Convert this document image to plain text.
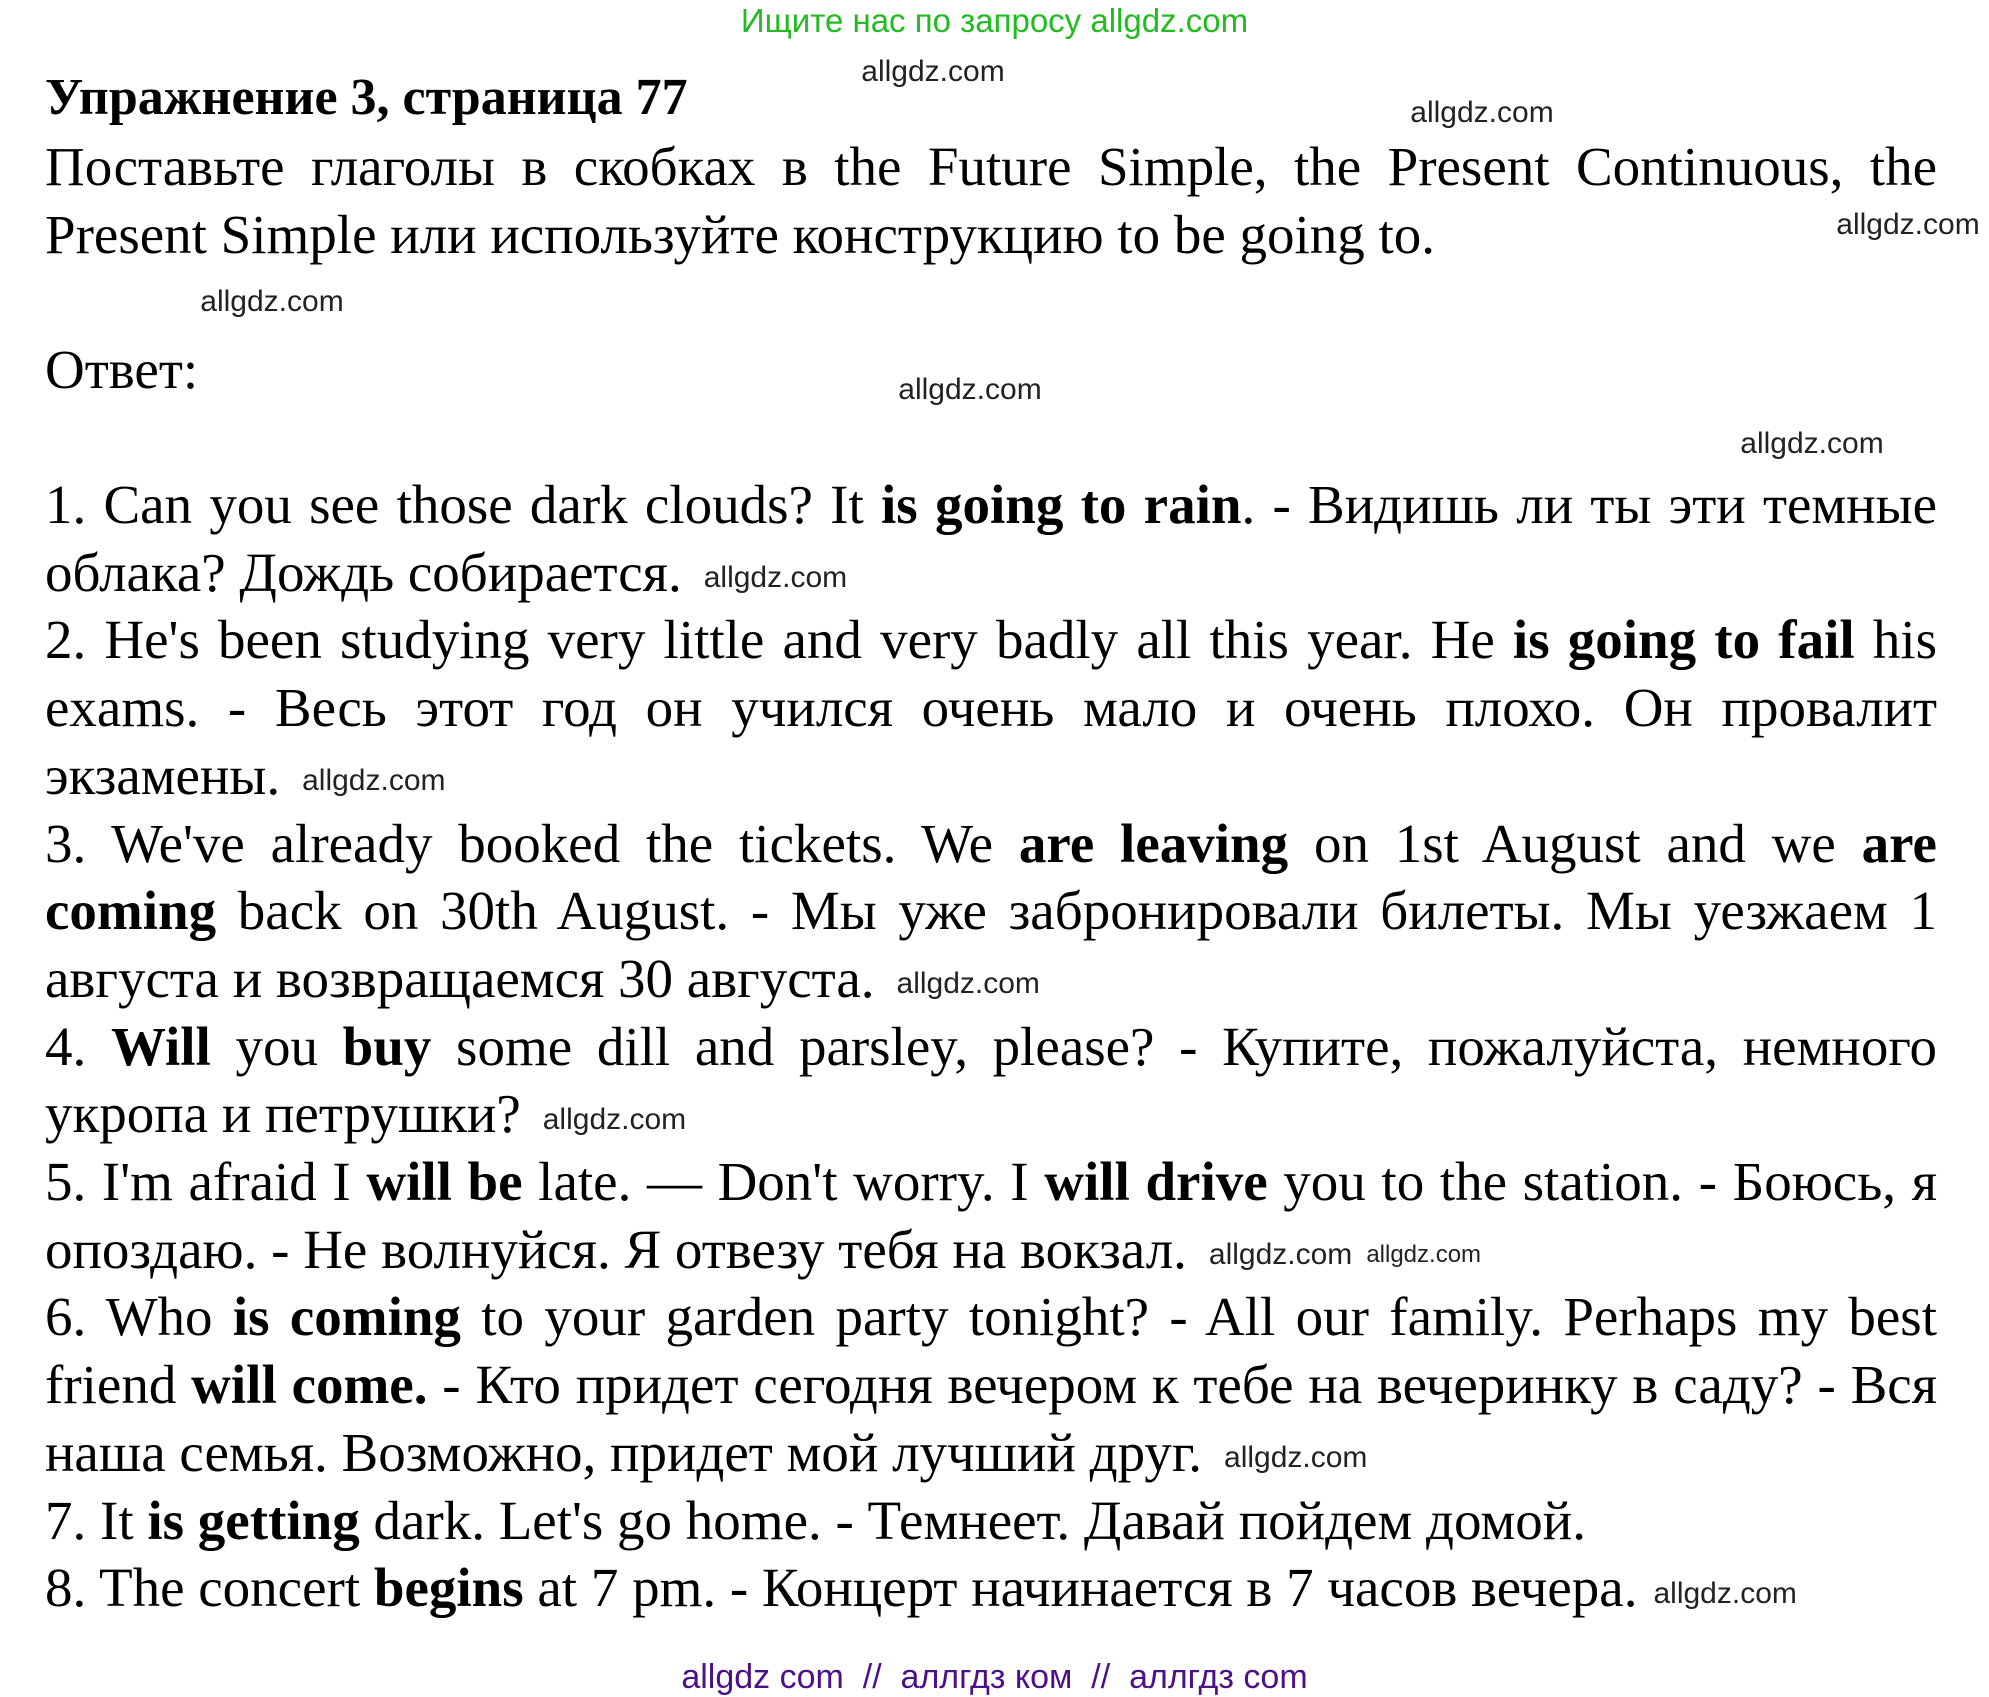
Ищите нас по запросу allgdz.com
Упражнение 3, страница 77
Поставьте глаголы в скобках в the Future Simple, the Present Continuous, the Present Simple или используйте конструкцию to be going to.
Ответ:

1. Can you see those dark clouds? It is going to rain. - Видишь ли ты эти темные облака? Дождь собирается. allgdz.com

2. He's been studying very little and very badly all this year. He is going to fail his exams. - Весь этот год он учился очень мало и очень плохо. Он провалит экзамены. allgdz.com

3. We've already booked the tickets. We are leaving on 1st August and we are coming back on 30th August. - Мы уже забронировали билеты. Мы уезжаем 1 августа и возвращаемся 30 августа. allgdz.com

4. Will you buy some dill and parsley, please? - Купите, пожалуйста, немного укропа и петрушки? allgdz.com

5. I'm afraid I will be late. — Don't worry. I will drive you to the station. - Боюсь, я опоздаю. - Не волнуйся. Я отвезу тебя на вокзал. allgdz.com allgdz.com

6. Who is coming to your garden party tonight? - All our family. Perhaps my best friend will come. - Кто придет сегодня вечером к тебе на вечеринку в саду? - Вся наша семья. Возможно, придет мой лучший друг. allgdz.com

7. It is getting dark. Let's go home. - Темнеет. Давай пойдем домой.

8. The concert begins at 7 pm. - Концерт начинается в 7 часов вечера. allgdz.com

allgdz.com
allgdz.com
allgdz.com
allgdz.com
allgdz.com
allgdz.com
allgdz com  //  аллгдз ком  //  аллгдз com
